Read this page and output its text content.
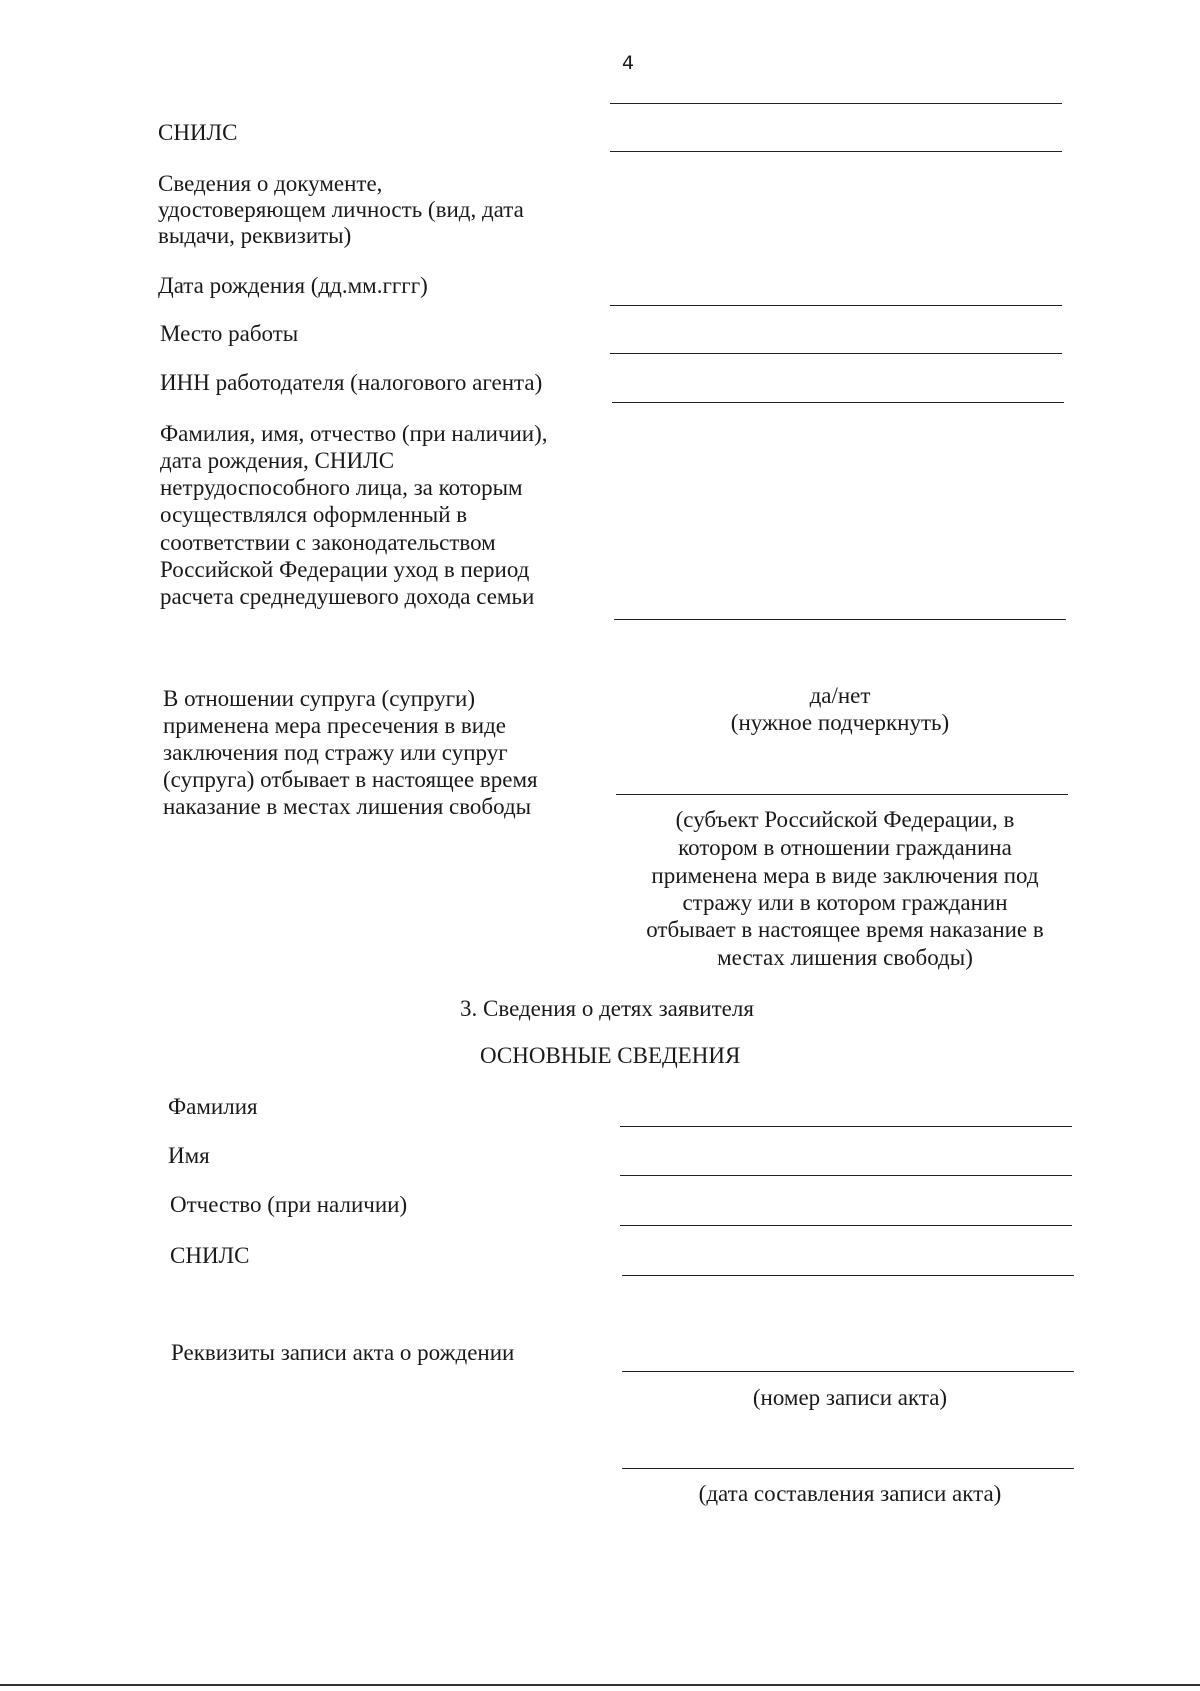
4

СНИЛС

Сведения о документе,

удостоверяющем личность (вид, дата

выдачи, реквизиты)

Дата рождения (дд.мм.гггг)

Место работы

ИНН работодателя (налогового агента)

Фамилия, имя, отчество (при наличии),

дата рождения, СНИЛС

нетрудоспособного лица, за которым

осуществлялся оформленный в

соответствии с законодательством

Российской Федерации уход в период

расчета среднедушевого дохода семьи

В отношении супруга (супруги)

применена мера пресечения в виде

заключения под стражу или супруг

(супруга) отбывает в настоящее время

наказание в местах лишения свободы

да/нет

(нужное подчеркнуть)

(субъект Российской Федерации, в

котором в отношении гражданина

применена мера в виде заключения под

стражу или в котором гражданин

отбывает в настоящее время наказание в

местах лишения свободы)

3. Сведения о детях заявителя

ОСНОВНЫЕ СВЕДЕНИЯ

Фамилия

Имя

Отчество (при наличии)

СНИЛС

Реквизиты записи акта о рождении

(номер записи акта)

(дата составления записи акта)
